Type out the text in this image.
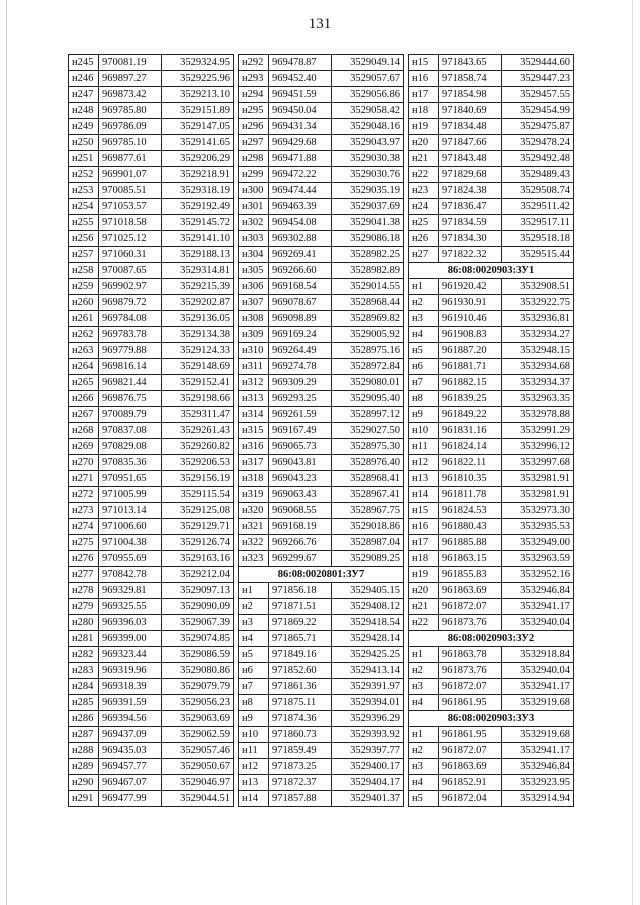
131
н245	970081.19	3529324.95
н246	969897.27	3529225.96
н247	969873.42	3529213.10
н248	969785.80	3529151.89
н249	969786.09	3529147.05
н250	969785.10	3529141.65
н251	969877.61	3529206.29
н252	969901.07	3529218.91
н253	970085.51	3529318.19
н254	971053.57	3529192.49
н255	971018.58	3529145.72
н256	971025.12	3529141.10
н257	971060.31	3529188.13
н258	970087.65	3529314.81
н259	969902.97	3529215.39
н260	969879.72	3529202.87
н261	969784.08	3529136.05
н262	969783.78	3529134.38
н263	969779.88	3529124.33
н264	969816.14	3529148.69
н265	969821.44	3529152.41
н266	969876.75	3529198.66
н267	970089.79	3529311.47
н268	970837.08	3529261.43
н269	970829.08	3529260.82
н270	970835.36	3529206.53
н271	970951.65	3529156.19
н272	971005.99	3529115.54
н273	971013.14	3529125.08
н274	971006.60	3529129.71
н275	971004.38	3529126.74
н276	970955.69	3529163.16
н277	970842.78	3529212.04
н278	969329.81	3529097.13
н279	969325.55	3529090.09
н280	969396.03	3529067.39
н281	969399.00	3529074.85
н282	969323.44	3529086.59
н283	969319.96	3529080.86
н284	969318.39	3529079.79
н285	969391.59	3529056.23
н286	969394.56	3529063.69
н287	969437.09	3529062.59
н288	969435.03	3529057.46
н289	969457.77	3529050.67
н290	969467.07	3529046.97
н291	969477.99	3529044.51
н292	969478.87	3529049.14
н293	969452.40	3529057.67
н294	969451.59	3529056.86
н295	969450.04	3529058.42
н296	969431.34	3529048.16
н297	969429.68	3529043.97
н298	969471.88	3529030.38
н299	969472.22	3529030.76
н300	969474.44	3529035.19
н301	969463.39	3529037.69
н302	969454.08	3529041.38
н303	969302.88	3529086.18
н304	969269.41	3528982.25
н305	969266.60	3528982.89
н306	969168.54	3529014.55
н307	969078.67	3528968.44
н308	969098.89	3528969.82
н309	969169.24	3529005.92
н310	969264.49	3528975.16
н311	969274.78	3528972.84
н312	969309.29	3529080.01
н313	969293.25	3529095.40
н314	969261.59	3528997.12
н315	969167.49	3529027.50
н316	969065.73	3528975.30
н317	969043.81	3528976.40
н318	969043.23	3528968.41
н319	969063.43	3528967.41
н320	969068.55	3528967.75
н321	969168.19	3529018.86
н322	969266.76	3528987.04
н323	969299.67	3529089.25
86:08:0020801:ЗУ7		
н1	971856.18	3529405.15
н2	971871.51	3529408.12
н3	971869.22	3529418.54
н4	971865.71	3529428.14
н5	971849.16	3529425.25
н6	971852.60	3529413.14
н7	971861.36	3529391.97
н8	971875.11	3529394.01
н9	971874.36	3529396.29
н10	971860.73	3529393.92
н11	971859.49	3529397.77
н12	971873.25	3529400.17
н13	971872.37	3529404.17
н14	971857.88	3529401.37
н15	971843.65	3529444.60
н16	971858.74	3529447.23
н17	971854.98	3529457.55
н18	971840.69	3529454.99
н19	971834.48	3529475.87
н20	971847.66	3529478.24
н21	971843.48	3529492.48
н22	971829.68	3529489.43
н23	971824.38	3529508.74
н24	971836.47	3529511.42
н25	971834.59	3529517.11
н26	971834.30	3529518.18
н27	971822.32	3529515.44
86:08:0020903:ЗУ1		
н1	961920.42	3532908.51
н2	961930.91	3532922.75
н3	961910.46	3532936.81
н4	961908.83	3532934.27
н5	961887.20	3532948.15
н6	961881.71	3532934.68
н7	961882.15	3532934.37
н8	961839.25	3532963.35
н9	961849.22	3532978.88
н10	961831.16	3532991.29
н11	961824.14	3532996.12
н12	961822.11	3532997.68
н13	961810.35	3532981.91
н14	961811.78	3532981.91
н15	961824.53	3532973.30
н16	961880.43	3532935.53
н17	961885.88	3532949.00
н18	961863.15	3532963.59
н19	961855.83	3532952.16
н20	961863.69	3532946.84
н21	961872.07	3532941.17
н22	961873.76	3532940.04
86:08:0020903:ЗУ2		
н1	961863.78	3532918.84
н2	961873.76	3532940.04
н3	961872.07	3532941.17
н4	961861.95	3532919.68
86:08:0020903:ЗУ3		
н1	961861.95	3532919.68
н2	961872.07	3532941.17
н3	961863.69	3532946.84
н4	961852.91	3532923.95
н5	961872.04	3532914.94
